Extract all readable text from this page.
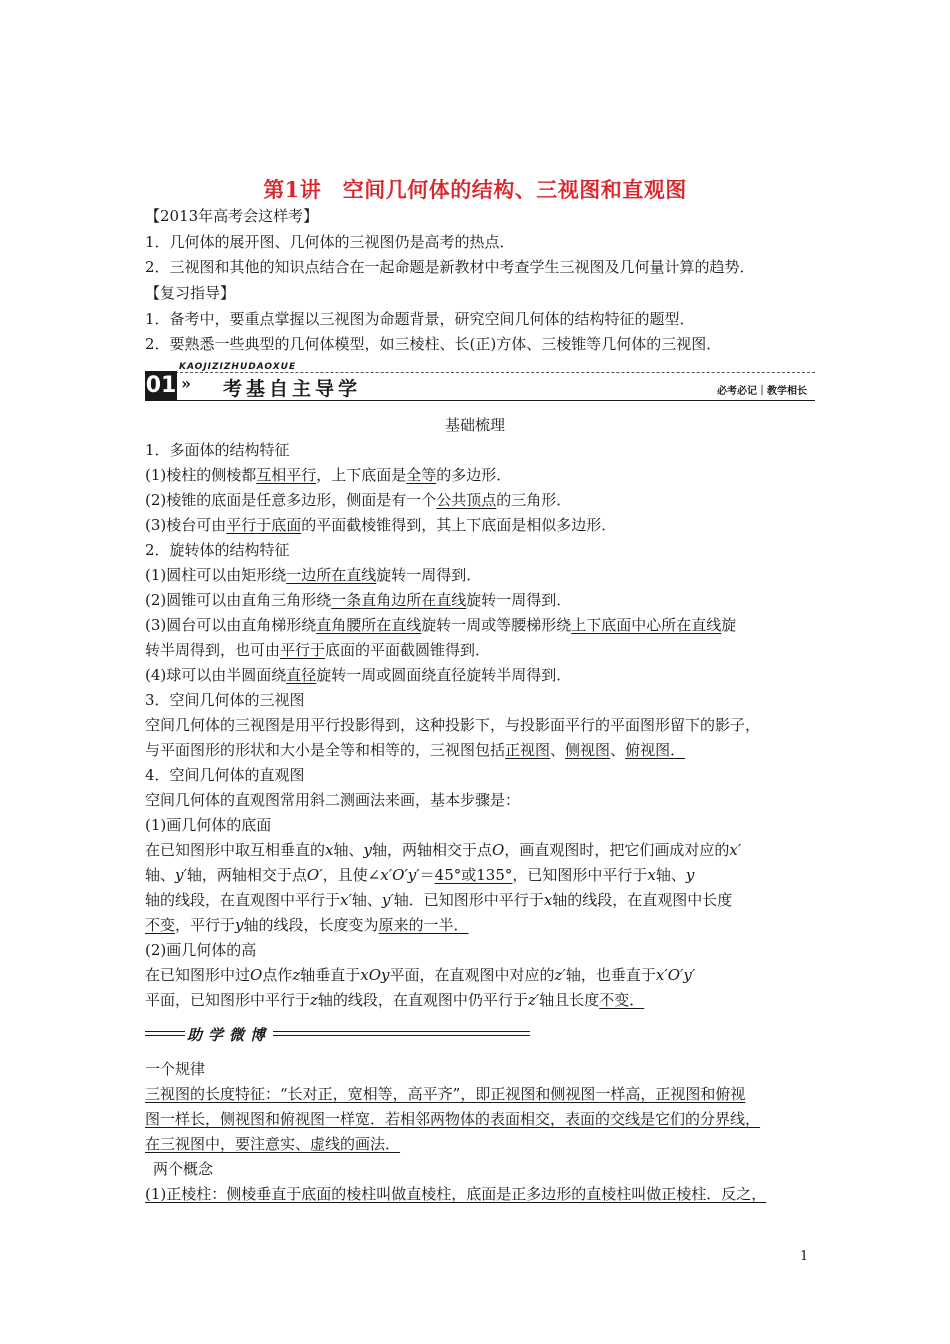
第1讲　空间几何体的结构、三视图和直观图
【2013年高考会这样考】
1．几何体的展开图、几何体的三视图仍是高考的热点．
2．三视图和其他的知识点结合在一起命题是新教材中考查学生三视图及几何量计算的趋势．
【复习指导】
1．备考中，要重点掌握以三视图为命题背景，研究空间几何体的结构特征的题型．
2．要熟悉一些典型的几何体模型，如三棱柱、长(正)方体、三棱锥等几何体的三视图．
KAOJIZIZHUDAOXUE
01 » 考基自主导学	必考必记｜教学相长
基础梳理
1．多面体的结构特征
(1)棱柱的侧棱都互相平行，上下底面是全等的多边形．
(2)棱锥的底面是任意多边形，侧面是有一个公共顶点的三角形．
(3)棱台可由平行于底面的平面截棱锥得到，其上下底面是相似多边形．
2．旋转体的结构特征
(1)圆柱可以由矩形绕一边所在直线旋转一周得到．
(2)圆锥可以由直角三角形绕一条直角边所在直线旋转一周得到．
(3)圆台可以由直角梯形绕直角腰所在直线旋转一周或等腰梯形绕上下底面中心所在直线旋
转半周得到，也可由平行于底面的平面截圆锥得到．
(4)球可以由半圆面绕直径旋转一周或圆面绕直径旋转半周得到．
3．空间几何体的三视图
空间几何体的三视图是用平行投影得到，这种投影下，与投影面平行的平面图形留下的影子，
与平面图形的形状和大小是全等和相等的，三视图包括正视图、侧视图、俯视图．
4．空间几何体的直观图
空间几何体的直观图常用斜二测画法来画，基本步骤是：
(1)画几何体的底面
在已知图形中取互相垂直的x轴、y轴，两轴相交于点O，画直观图时，把它们画成对应的x′
轴、y′轴，两轴相交于点O′，且使∠x′O′y′＝45°或135°，已知图形中平行于x轴、y
轴的线段，在直观图中平行于x′轴、y′轴．已知图形中平行于x轴的线段，在直观图中长度
不变，平行于y轴的线段，长度变为原来的一半．
(2)画几何体的高
在已知图形中过O点作z轴垂直于xOy平面，在直观图中对应的z′轴，也垂直于x′O′y′
平面，已知图形中平行于z轴的线段，在直观图中仍平行于z′轴且长度不变．
助学微博
一个规律
三视图的长度特征：“长对正，宽相等，高平齐”，即正视图和侧视图一样高，正视图和俯视
图一样长，侧视图和俯视图一样宽．若相邻两物体的表面相交，表面的交线是它们的分界线，
在三视图中，要注意实、虚线的画法．
两个概念
(1)正棱柱：侧棱垂直于底面的棱柱叫做直棱柱，底面是正多边形的直棱柱叫做正棱柱．反之，
1
